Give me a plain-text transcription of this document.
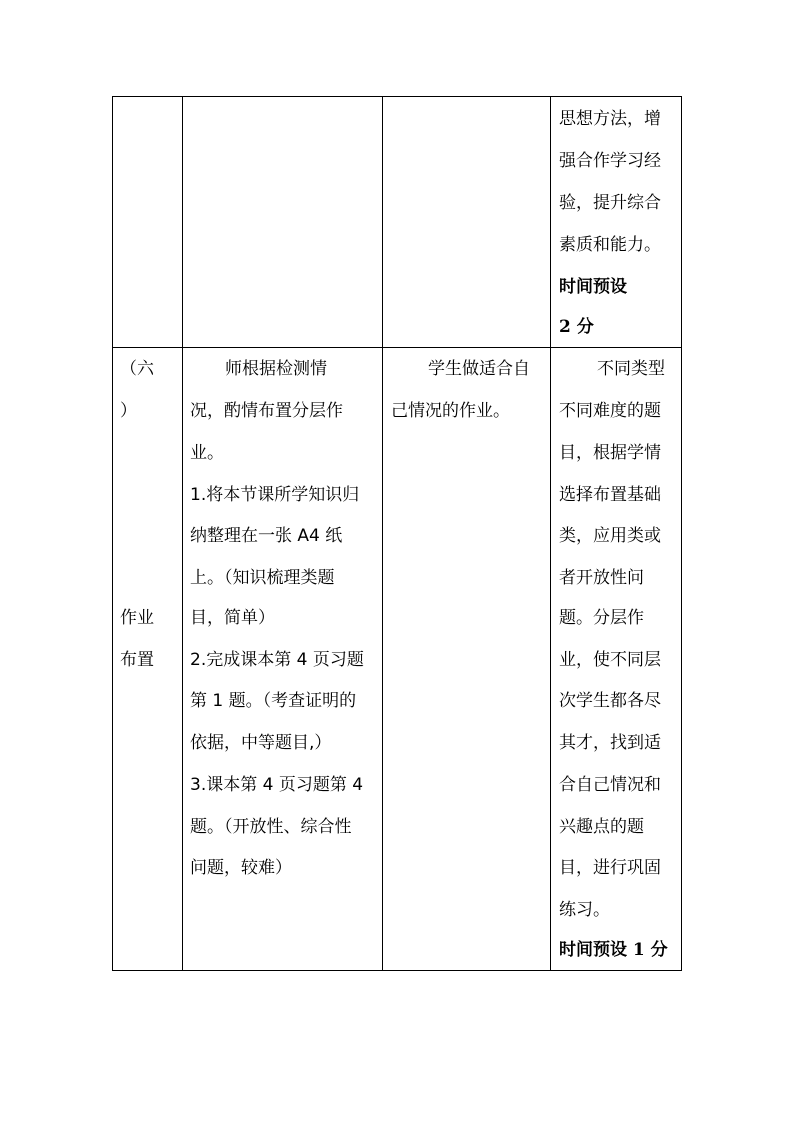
思想方法，增
强合作学习经
验，提升综合
素质和能力。
时间预设
2 分
（六
）
作业
布置
师根据检测情
况，酌情布置分层作
业。
1.将本节课所学知识归
纳整理在一张 A4 纸
上。（知识梳理类题
目，简单）
2.完成课本第 4 页习题
第 1 题。（考查证明的
依据，中等题目,）
3.课本第 4 页习题第 4
题。（开放性、综合性
问题，较难）
学生做适合自
己情况的作业。
不同类型
不同难度的题
目，根据学情
选择布置基础
类，应用类或
者开放性问
题。分层作
业，使不同层
次学生都各尽
其才，找到适
合自己情况和
兴趣点的题
目，进行巩固
练习。
时间预设 1 分
